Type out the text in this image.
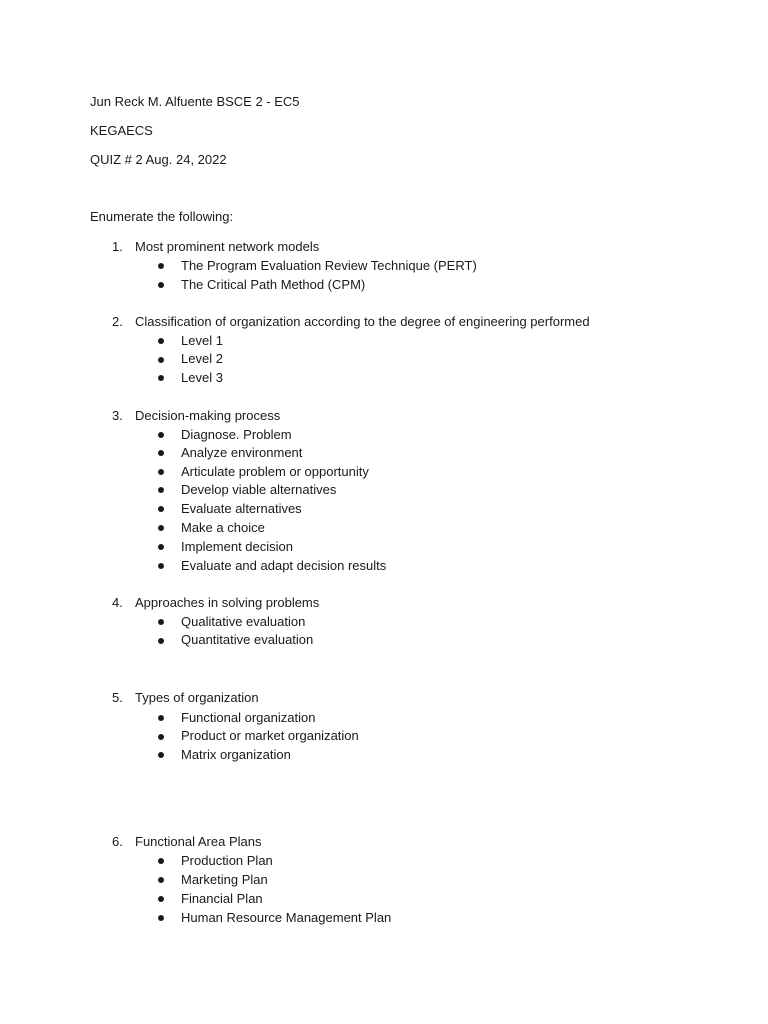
Jun Reck M. Alfuente BSCE 2 - EC5
KEGAECS
QUIZ # 2 Aug. 24, 2022
Enumerate the following:
1. Most prominent network models
The Program Evaluation Review Technique (PERT)
The Critical Path Method (CPM)
2. Classification of organization according to the degree of engineering performed
Level 1
Level 2
Level 3
3. Decision-making process
Diagnose. Problem
Analyze environment
Articulate problem or opportunity
Develop viable alternatives
Evaluate alternatives
Make a choice
Implement decision
Evaluate and adapt decision results
4. Approaches in solving problems
Qualitative evaluation
Quantitative evaluation
5. Types of organization
Functional organization
Product or market organization
Matrix organization
6. Functional Area Plans
Production Plan
Marketing Plan
Financial Plan
Human Resource Management Plan
